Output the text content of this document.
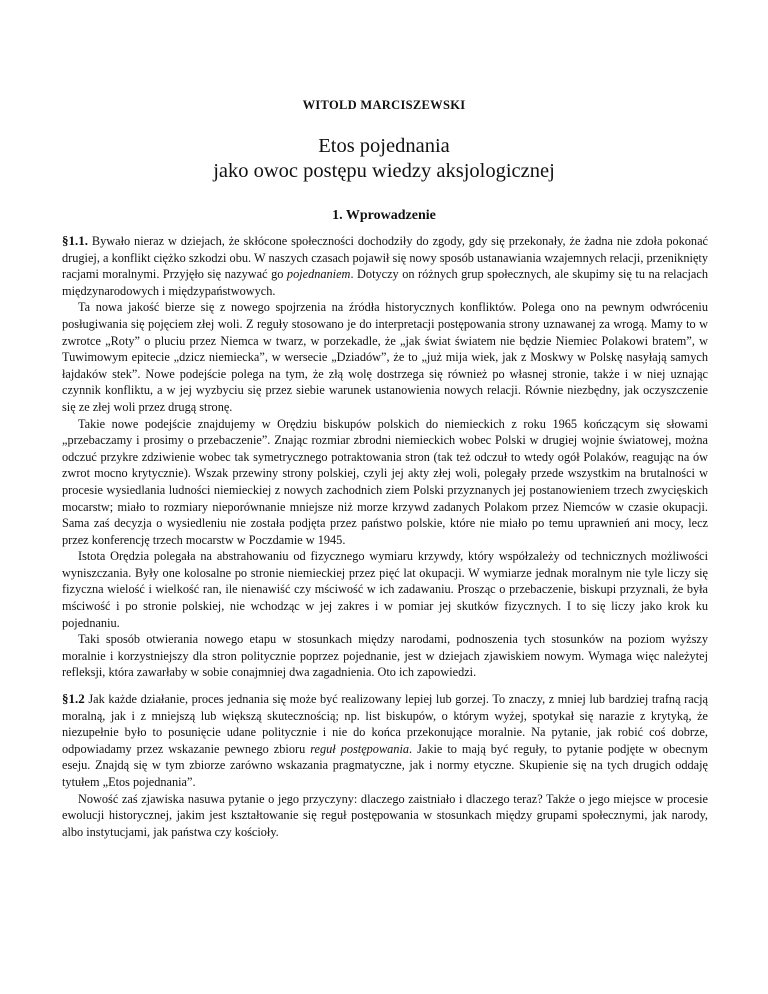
WITOLD MARCISZEWSKI
Etos pojednania
jako owoc postępu wiedzy aksjologicznej
1. Wprowadzenie

§1.1. Bywało nieraz w dziejach, że skłócone społeczności dochodziły do zgody, gdy się przekonały, że żadna nie zdoła pokonać drugiej, a konflikt ciężko szkodzi obu. W naszych czasach pojawił się nowy sposób ustanawiania wzajemnych relacji, przeniknięty racjami moralnymi. Przyjęło się nazywać go pojednaniem. Dotyczy on różnych grup społecznych, ale skupimy się tu na relacjach międzynarodowych i międzypaństwowych.

Ta nowa jakość bierze się z nowego spojrzenia na źródła historycznych konfliktów. Polega ono na pewnym odwróceniu posługiwania się pojęciem złej woli. Z reguły stosowano je do interpretacji postępowania strony uznawanej za wrogą. Mamy to w zwrotce „Roty” o pluciu przez Niemca w twarz, w porzekadle, że „jak świat światem nie będzie Niemiec Polakowi bratem”, w Tuwimowym epitecie „dzicz niemiecka”, w wersecie „Dziadów”, że to „już mija wiek, jak z Moskwy w Polskę nasyłają samych łajdaków stek”. Nowe podejście polega na tym, że złą wolę dostrzega się również po własnej stronie, także i w niej uznając czynnik konfliktu, a w jej wyzbyciu się przez siebie warunek ustanowienia nowych relacji. Równie niezbędny, jak oczyszczenie się ze złej woli przez drugą stronę.

Takie nowe podejście znajdujemy w Orędziu biskupów polskich do niemieckich z roku 1965 kończącym się słowami „przebaczamy i prosimy o przebaczenie”. Znając rozmiar zbrodni niemieckich wobec Polski w drugiej wojnie światowej, można odczuć przykre zdziwienie wobec tak symetrycznego potraktowania stron (tak też odczuł to wtedy ogół Polaków, reagując na ów zwrot mocno krytycznie). Wszak przewiny strony polskiej, czyli jej akty złej woli, polegały przede wszystkim na brutalności w procesie wysiedlania ludności niemieckiej z nowych zachodnich ziem Polski przyznanych jej postanowieniem trzech zwycięskich mocarstw; miało to rozmiary nieporównanie mniejsze niż morze krzywd zadanych Polakom przez Niemców w czasie okupacji. Sama zaś decyzja o wysiedleniu nie została podjęta przez państwo polskie, które nie miało po temu uprawnień ani mocy, lecz przez konferencję trzech mocarstw w Poczdamie w 1945.

Istota Orędzia polegała na abstrahowaniu od fizycznego wymiaru krzywdy, który współzależy od technicznych możliwości wyniszczania. Były one kolosalne po stronie niemieckiej przez pięć lat okupacji. W wymiarze jednak moralnym nie tyle liczy się fizyczna wielość i wielkość ran, ile nienawiść czy mściwość w ich zadawaniu. Prosząc o przebaczenie, biskupi przyznali, że była mściwość i po stronie polskiej, nie wchodząc w jej zakres i w pomiar jej skutków fizycznych. I to się liczy jako krok ku pojednaniu.

Taki sposób otwierania nowego etapu w stosunkach między narodami, podnoszenia tych stosunków na poziom wyższy moralnie i korzystniejszy dla stron politycznie poprzez pojednanie, jest w dziejach zjawiskiem nowym. Wymaga więc należytej refleksji, która zawarłaby w sobie conajmniej dwa zagadnienia. Oto ich zapowiedzi.

§1.2 Jak każde działanie, proces jednania się może być realizowany lepiej lub gorzej. To znaczy, z mniej lub bardziej trafną racją moralną, jak i z mniejszą lub większą skutecznością; np. list biskupów, o którym wyżej, spotykał się narazie z krytyką, że niezupełnie było to posunięcie udane politycznie i nie do końca przekonujące moralnie. Na pytanie, jak robić coś dobrze, odpowiadamy przez wskazanie pewnego zbioru reguł postępowania. Jakie to mają być reguły, to pytanie podjęte w obecnym eseju. Znajdą się w tym zbiorze zarówno wskazania pragmatyczne, jak i normy etyczne. Skupienie się na tych drugich oddaję tytułem „Etos pojednania”.

Nowość zaś zjawiska nasuwa pytanie o jego przyczyny: dlaczego zaistniało i dlaczego teraz? Także o jego miejsce w procesie ewolucji historycznej, jakim jest kształtowanie się reguł postępowania w stosunkach między grupami społecznymi, jak narody, albo instytucjami, jak państwa czy kościoły.
